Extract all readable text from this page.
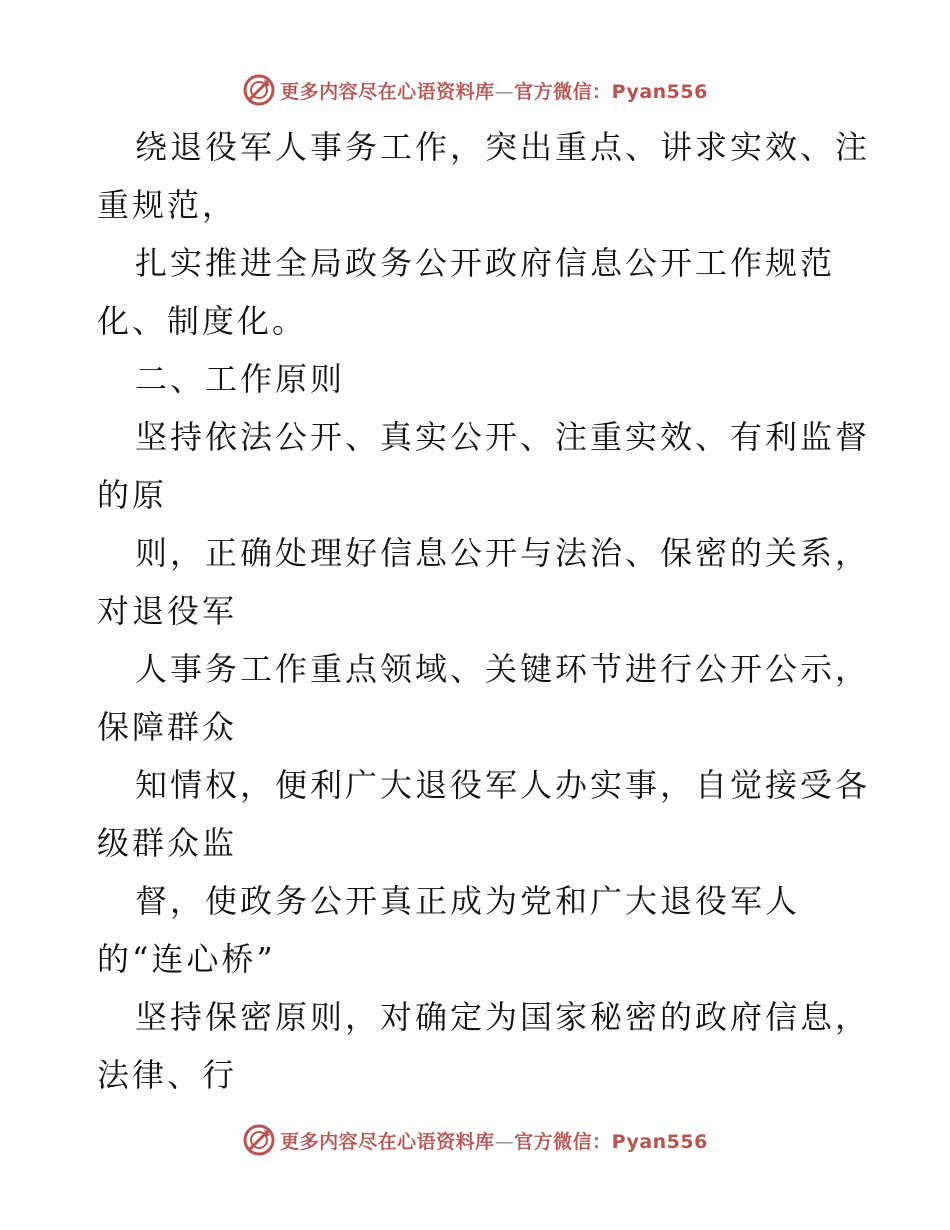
更多内容尽在心语资料库—官方微信：Pyan556
绕退役军人事务工作，突出重点、讲求实效、注
重规范，
扎实推进全局政务公开政府信息公开工作规范
化、制度化。
二、工作原则
坚持依法公开、真实公开、注重实效、有利监督
的原
则，正确处理好信息公开与法治、保密的关系，
对退役军
人事务工作重点领域、关键环节进行公开公示，
保障群众
知情权，便利广大退役军人办实事，自觉接受各
级群众监
督，使政务公开真正成为党和广大退役军人
的“连心桥”
坚持保密原则，对确定为国家秘密的政府信息，
法律、行
更多内容尽在心语资料库—官方微信：Pyan556
